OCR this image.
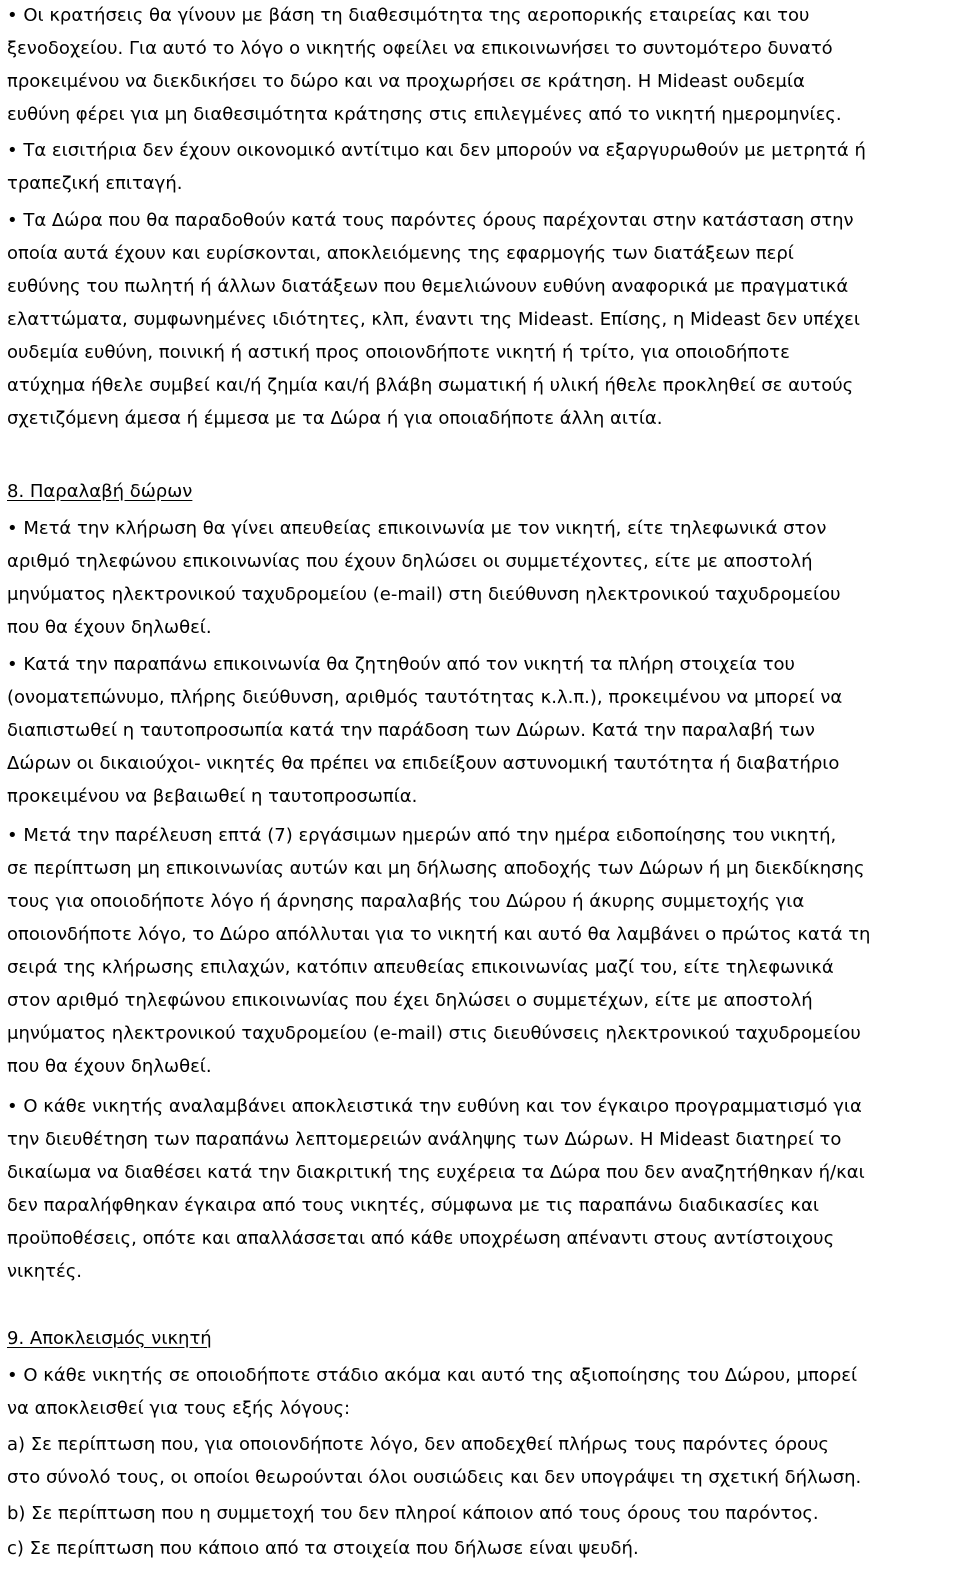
• Οι κρατήσεις θα γίνουν με βάση τη διαθεσιμότητα της αεροπορικής εταιρείας και του
ξενοδοχείου. Για αυτό το λόγο ο νικητής οφείλει να επικοινωνήσει το συντομότερο δυνατό
προκειμένου να διεκδικήσει το δώρο και να προχωρήσει σε κράτηση. Η Mideast ουδεμία
ευθύνη φέρει για μη διαθεσιμότητα κράτησης στις επιλεγμένες από το νικητή ημερομηνίες.

• Τα εισιτήρια δεν έχουν οικονομικό αντίτιμο και δεν μπορούν να εξαργυρωθούν με μετρητά ή
τραπεζική επιταγή.

• Τα Δώρα που θα παραδοθούν κατά τους παρόντες όρους παρέχονται στην κατάσταση στην
οποία αυτά έχουν και ευρίσκονται, αποκλειόμενης της εφαρμογής των διατάξεων περί
ευθύνης του πωλητή ή άλλων διατάξεων που θεμελιώνουν ευθύνη αναφορικά με πραγματικά
ελαττώματα, συμφωνημένες ιδιότητες, κλπ, έναντι της Mideast. Επίσης, η Mideast δεν υπέχει
ουδεμία ευθύνη, ποινική ή αστική προς οποιονδήποτε νικητή ή τρίτο, για οποιοδήποτε
ατύχημα ήθελε συμβεί και/ή ζημία και/ή βλάβη σωματική ή υλική ήθελε προκληθεί σε αυτούς
σχετιζόμενη άμεσα ή έμμεσα με τα Δώρα ή για οποιαδήποτε άλλη αιτία.

8. Παραλαβή δώρων

• Μετά την κλήρωση θα γίνει απευθείας επικοινωνία με τον νικητή, είτε τηλεφωνικά στον
αριθμό τηλεφώνου επικοινωνίας που έχουν δηλώσει οι συμμετέχοντες, είτε με αποστολή
μηνύματος ηλεκτρονικού ταχυδρομείου (e-mail) στη διεύθυνση ηλεκτρονικού ταχυδρομείου
που θα έχουν δηλωθεί.

• Κατά την παραπάνω επικοινωνία θα ζητηθούν από τον νικητή τα πλήρη στοιχεία του
(ονοματεπώνυμο, πλήρης διεύθυνση, αριθμός ταυτότητας κ.λ.π.), προκειμένου να μπορεί να
διαπιστωθεί η ταυτοπροσωπία κατά την παράδοση των Δώρων. Κατά την παραλαβή των
Δώρων οι δικαιούχοι- νικητές θα πρέπει να επιδείξουν αστυνομική ταυτότητα ή διαβατήριο
προκειμένου να βεβαιωθεί η ταυτοπροσωπία.

• Μετά την παρέλευση επτά (7) εργάσιμων ημερών από την ημέρα ειδοποίησης του νικητή,
σε περίπτωση μη επικοινωνίας αυτών και μη δήλωσης αποδοχής των Δώρων ή μη διεκδίκησης
τους για οποιοδήποτε λόγο ή άρνησης παραλαβής του Δώρου ή άκυρης συμμετοχής για
οποιονδήποτε λόγο, το Δώρο απόλλυται για το νικητή και αυτό θα λαμβάνει ο πρώτος κατά τη
σειρά της κλήρωσης επιλαχών, κατόπιν απευθείας επικοινωνίας μαζί του, είτε τηλεφωνικά
στον αριθμό τηλεφώνου επικοινωνίας που έχει δηλώσει ο συμμετέχων, είτε με αποστολή
μηνύματος ηλεκτρονικού ταχυδρομείου (e-mail) στις διευθύνσεις ηλεκτρονικού ταχυδρομείου
που θα έχουν δηλωθεί.

• Ο κάθε νικητής αναλαμβάνει αποκλειστικά την ευθύνη και τον έγκαιρο προγραμματισμό για
την διευθέτηση των παραπάνω λεπτομερειών ανάληψης των Δώρων. Η Mideast διατηρεί το
δικαίωμα να διαθέσει κατά την διακριτική της ευχέρεια τα Δώρα που δεν αναζητήθηκαν ή/και
δεν παραλήφθηκαν έγκαιρα από τους νικητές, σύμφωνα με τις παραπάνω διαδικασίες και
προϋποθέσεις, οπότε και απαλλάσσεται από κάθε υποχρέωση απέναντι στους αντίστοιχους
νικητές.

9. Αποκλεισμός νικητή

• Ο κάθε νικητής σε οποιοδήποτε στάδιο ακόμα και αυτό της αξιοποίησης του Δώρου, μπορεί
να αποκλεισθεί για τους εξής λόγους:

a) Σε περίπτωση που, για οποιονδήποτε λόγο, δεν αποδεχθεί πλήρως τους παρόντες όρους
στο σύνολό τους, οι οποίοι θεωρούνται όλοι ουσιώδεις και δεν υπογράψει τη σχετική δήλωση.

b) Σε περίπτωση που η συμμετοχή του δεν πληροί κάποιον από τους όρους του παρόντος.

c) Σε περίπτωση που κάποιο από τα στοιχεία που δήλωσε είναι ψευδή.
